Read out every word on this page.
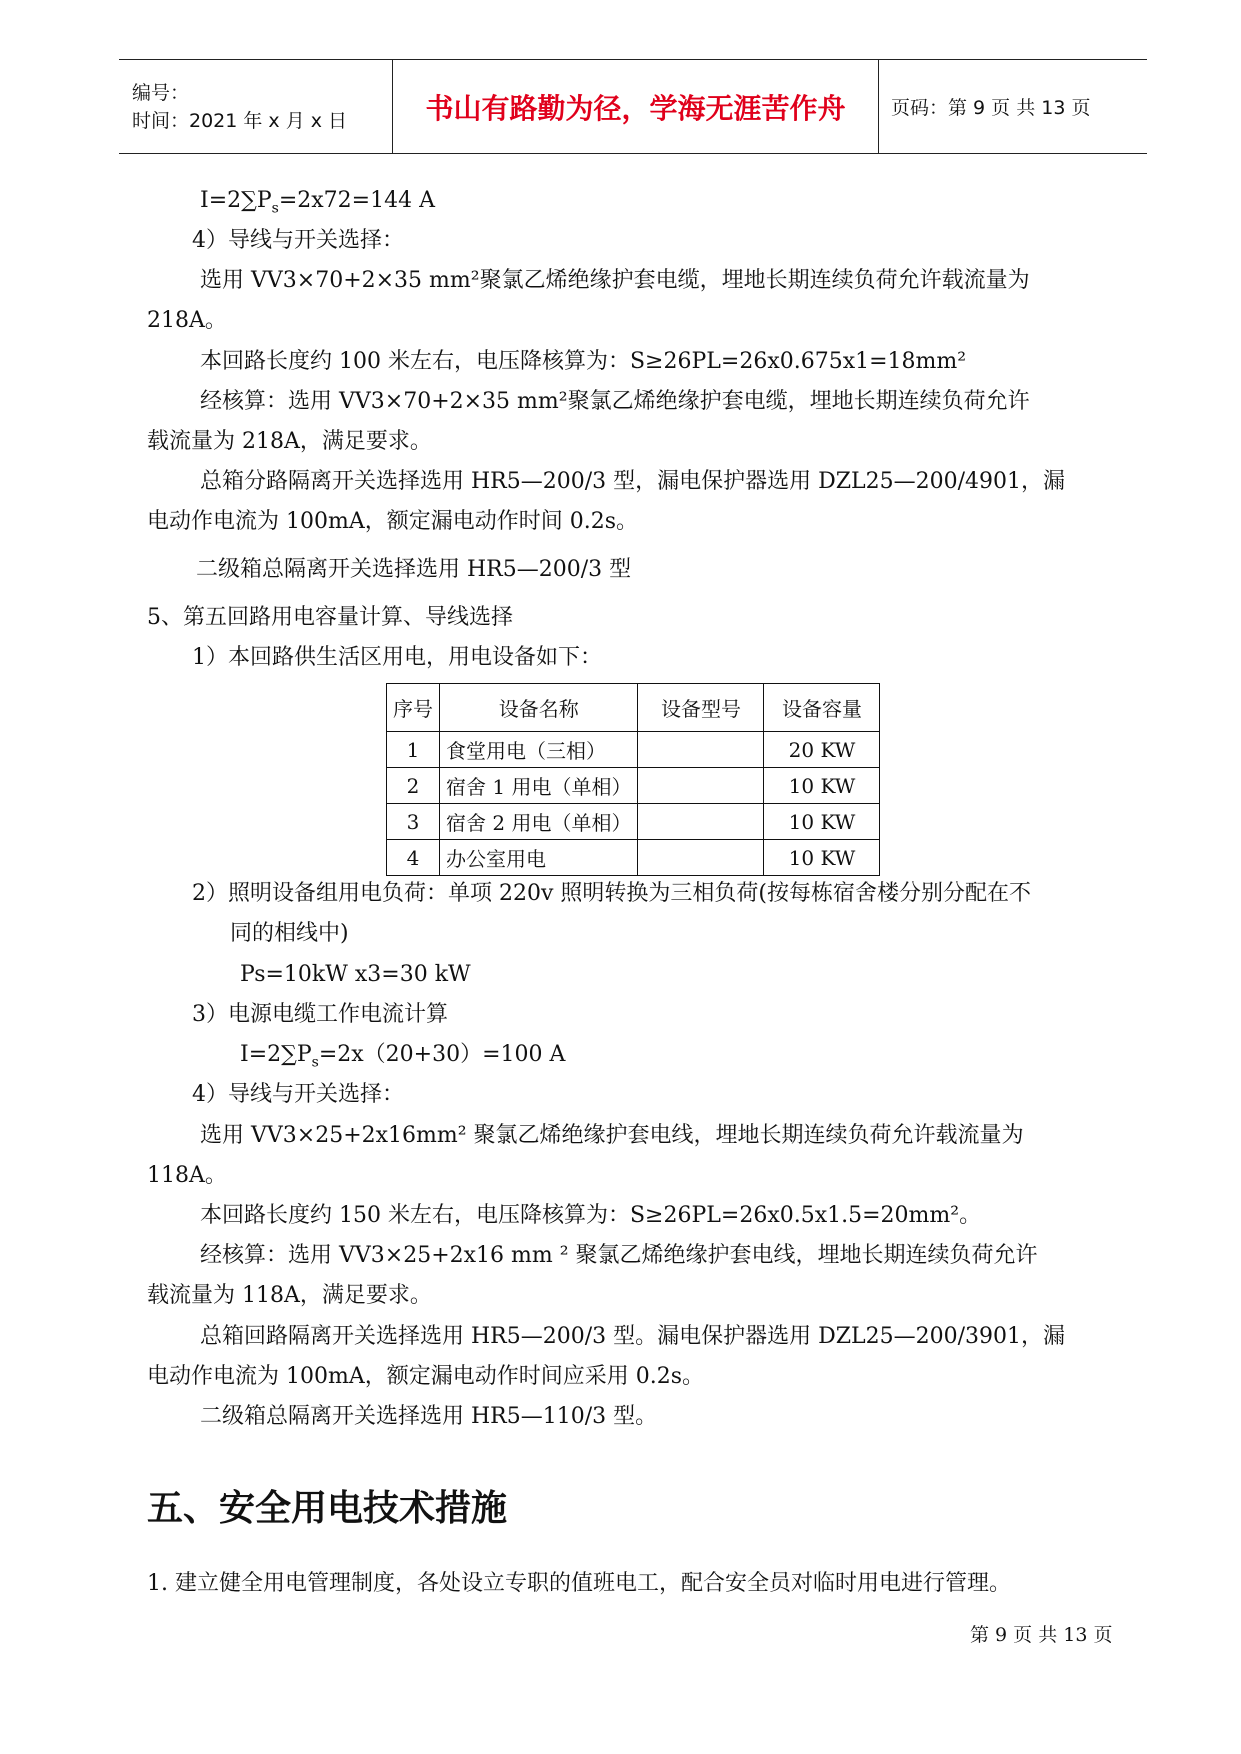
编号：
时间：2021 年 x 月 x 日	书山有路勤为径，学海无涯苦作舟	页码：第 9 页 共 13 页
$I=2\sum P_s=2x72=144$ A
4）导线与开关选择：
选用 VV3×70+2×35 mm²聚氯乙烯绝缘护套电缆，埋地长期连续负荷允许载流量为
218A。
本回路长度约 100 米左右，电压降核算为：S≥26PL=26x0.675x1=18mm²
经核算：选用 VV3×70+2×35 mm²聚氯乙烯绝缘护套电缆，埋地长期连续负荷允许
载流量为 218A，满足要求。
总箱分路隔离开关选择选用 HR5—200/3 型，漏电保护器选用 DZL25—200/4901，漏
电动作电流为 100mA，额定漏电动作时间 0.2s。
二级箱总隔离开关选择选用 HR5—200/3 型
5、第五回路用电容量计算、导线选择
1）本回路供生活区用电，用电设备如下：
序号	设备名称	设备型号	设备容量
1	食堂用电（三相）		20 KW
2	宿舍 1 用电（单相）		10 KW
3	宿舍 2 用电（单相）		10 KW
4	办公室用电		10 KW
2）照明设备组用电负荷：单项 220v 照明转换为三相负荷(按每栋宿舍楼分别分配在不
同的相线中)
Ps=10kW x3=30 kW
3）电源电缆工作电流计算
$I=2\sum P_s=2x(20+30)=100$ A
4）导线与开关选择：
选用 VV3×25+2x16mm² 聚氯乙烯绝缘护套电线，埋地长期连续负荷允许载流量为
118A。
本回路长度约 150 米左右，电压降核算为：S≥26PL=26x0.5x1.5=20mm²。
经核算：选用 VV3×25+2x16 mm ² 聚氯乙烯绝缘护套电线，埋地长期连续负荷允许
载流量为 118A，满足要求。
总箱回路隔离开关选择选用 HR5—200/3 型。漏电保护器选用 DZL25—200/3901，漏
电动作电流为 100mA，额定漏电动作时间应采用 0.2s。
二级箱总隔离开关选择选用 HR5—110/3 型。
五、安全用电技术措施
1. 建立健全用电管理制度，各处设立专职的值班电工，配合安全员对临时用电进行管理。
第 9 页 共 13 页
